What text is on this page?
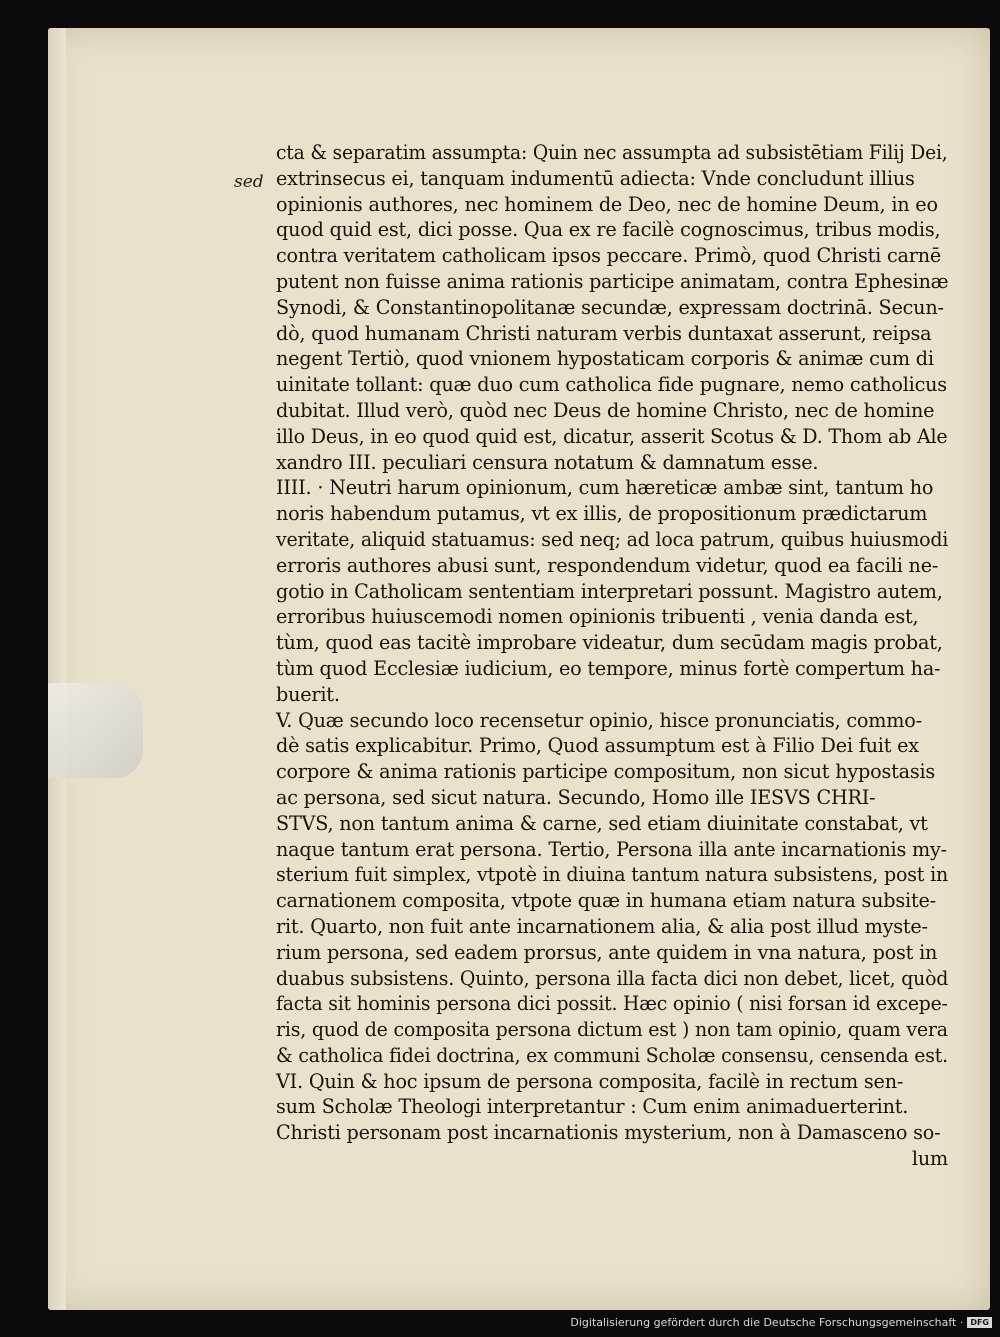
sed
cta & separatim assumpta: Quin nec assumpta ad subsistētiam Filij Dei,
extrinsecus ei, tanquam indumentū adiecta: Vnde concludunt illius
opinionis authores, nec hominem de Deo, nec de homine Deum, in eo
quod quid est, dici posse. Qua ex re facilè cognoscimus, tribus modis,
contra veritatem catholicam ipsos peccare. Primò, quod Christi carnē
putent non fuisse anima rationis participe animatam, contra Ephesinæ
Synodi, & Constantinopolitanæ secundæ, expressam doctrinā. Secun-
dò, quod humanam Christi naturam verbis duntaxat asserunt, reipsa
negent Tertiò, quod vnionem hypostaticam corporis & animæ cum di
uinitate tollant: quæ duo cum catholica fide pugnare, nemo catholicus
dubitat. Illud verò, quòd nec Deus de homine Christo, nec de homine
illo Deus, in eo quod quid est, dicatur, asserit Scotus & D. Thom ab Ale
xandro III. peculiari censura notatum & damnatum esse.
IIII. · Neutri harum opinionum, cum hæreticæ ambæ sint, tantum ho
noris habendum putamus, vt ex illis, de propositionum prædictarum
veritate, aliquid statuamus: sed neq; ad loca patrum, quibus huiusmodi
erroris authores abusi sunt, respondendum videtur, quod ea facili ne-
gotio in Catholicam sententiam interpretari possunt. Magistro autem,
erroribus huiuscemodi nomen opinionis tribuenti , venia danda est,
tùm, quod eas tacitè improbare videatur, dum secūdam magis probat,
tùm quod Ecclesiæ iudicium, eo tempore, minus fortè compertum ha-
buerit.
V. Quæ secundo loco recensetur opinio, hisce pronunciatis, commo-
dè satis explicabitur. Primo, Quod assumptum est à Filio Dei fuit ex
corpore & anima rationis participe compositum, non sicut hypostasis
ac persona, sed sicut natura. Secundo, Homo ille IESVS CHRI-
STVS, non tantum anima & carne, sed etiam diuinitate constabat, vt
naque tantum erat persona. Tertio, Persona illa ante incarnationis my-
sterium fuit simplex, vtpotè in diuina tantum natura subsistens, post in
carnationem composita, vtpote quæ in humana etiam natura subsite-
rit. Quarto, non fuit ante incarnationem alia, & alia post illud myste-
rium persona, sed eadem prorsus, ante quidem in vna natura, post in
duabus subsistens. Quinto, persona illa facta dici non debet, licet, quòd
facta sit hominis persona dici possit. Hæc opinio ( nisi forsan id excepe-
ris, quod de composita persona dictum est ) non tam opinio, quam vera
& catholica fidei doctrina, ex communi Scholæ consensu, censenda est.
VI. Quin & hoc ipsum de persona composita, facilè in rectum sen-
sum Scholæ Theologi interpretantur : Cum enim animaduerterint.
Christi personam post incarnationis mysterium, non à Damasceno so-
lum
Digitalisierung gefördert durch die Deutsche Forschungsgemeinschaft · DFG
